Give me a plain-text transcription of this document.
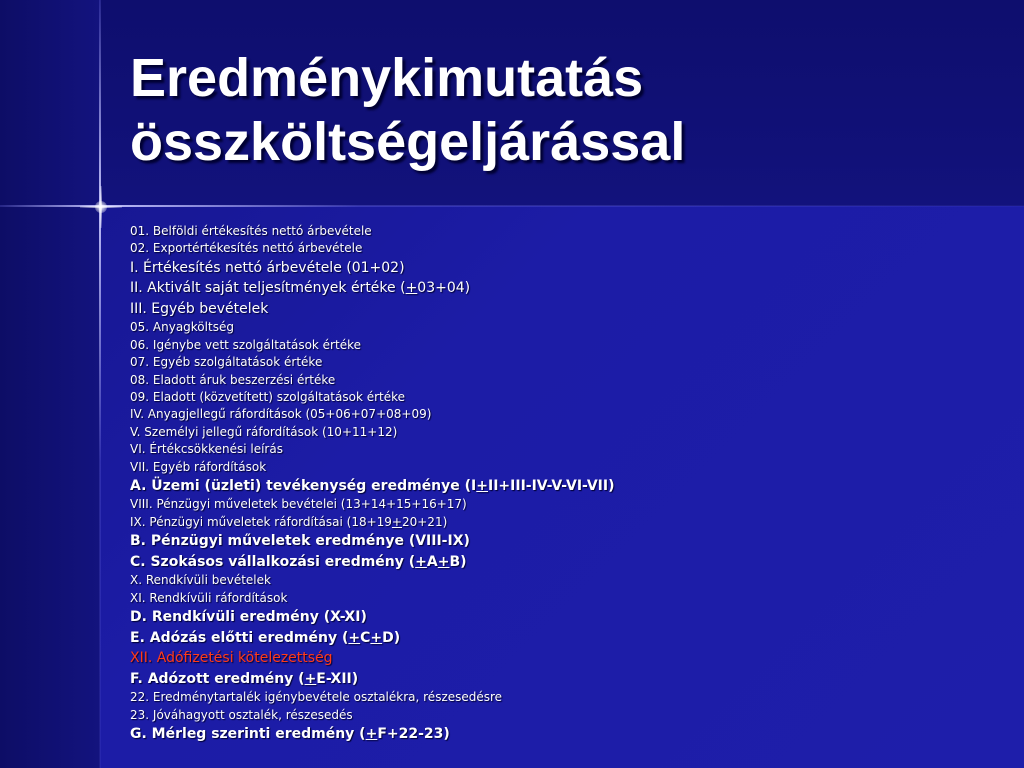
Eredménykimutatás
összköltségeljárással
01. Belföldi értékesítés nettó árbevétele
02. Exportértékesítés nettó árbevétele
I. Értékesítés nettó árbevétele (01+02)
II. Aktivált saját teljesítmények értéke (+03+04)
III. Egyéb bevételek
05. Anyagköltség
06. Igénybe vett szolgáltatások értéke
07. Egyéb szolgáltatások értéke
08. Eladott áruk beszerzési értéke
09. Eladott (közvetített) szolgáltatások értéke
IV. Anyagjellegű ráfordítások (05+06+07+08+09)
V. Személyi jellegű ráfordítások (10+11+12)
VI. Értékcsökkenési leírás
VII. Egyéb ráfordítások
A. Üzemi (üzleti) tevékenység eredménye (I+II+III-IV-V-VI-VII)
VIII. Pénzügyi műveletek bevételei (13+14+15+16+17)
IX. Pénzügyi műveletek ráfordításai (18+19+20+21)
B. Pénzügyi műveletek eredménye (VIII-IX)
C. Szokásos vállalkozási eredmény (+A+B)
X. Rendkívüli bevételek
XI. Rendkívüli ráfordítások
D. Rendkívüli eredmény (X-XI)
E. Adózás előtti eredmény (+C+D)
XII. Adófizetési kötelezettség
F. Adózott eredmény (+E-XII)
22. Eredménytartalék igénybevétele osztalékra, részesedésre
23. Jóváhagyott osztalék, részesedés
G. Mérleg szerinti eredmény (+F+22-23)
